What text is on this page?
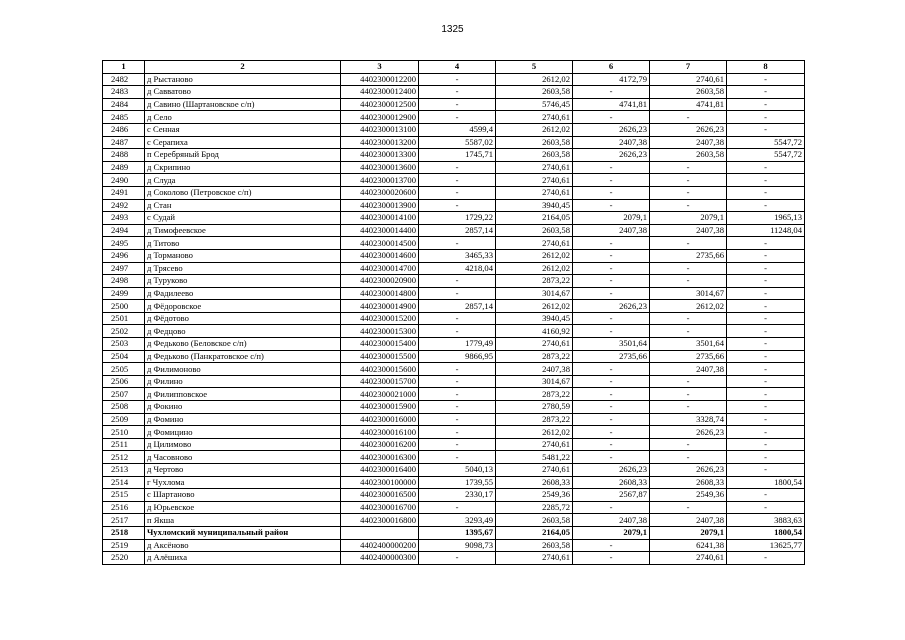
1325
1	2	3	4	5	6	7	8
2482	д Рыстаново	4402300012200	-	2612,02	4172,79	2740,61	-
2483	д Савватово	4402300012400	-	2603,58	-	2603,58	-
2484	д Савино (Шартановское с/п)	4402300012500	-	5746,45	4741,81	4741,81	-
2485	д Село	4402300012900	-	2740,61	-	-	-
2486	с Сенная	4402300013100	4599,4	2612,02	2626,23	2626,23	-
2487	с Серапиха	4402300013200	5587,02	2603,58	2407,38	2407,38	5547,72
2488	п Серебряный Брод	4402300013300	1745,71	2603,58	2626,23	2603,58	5547,72
2489	д Скрипино	4402300013600	-	2740,61	-	-	-
2490	д Слуда	4402300013700	-	2740,61	-	-	-
2491	д Соколово (Петровское с/п)	4402300020600	-	2740,61	-	-	-
2492	д Стан	4402300013900	-	3940,45	-	-	-
2493	с Судай	4402300014100	1729,22	2164,05	2079,1	2079,1	1965,13
2494	д Тимофеевское	4402300014400	2857,14	2603,58	2407,38	2407,38	11248,04
2495	д Титово	4402300014500	-	2740,61	-	-	-
2496	д Торманово	4402300014600	3465,33	2612,02	-	2735,66	-
2497	д Трясево	4402300014700	4218,04	2612,02	-	-	-
2498	д Туруково	4402300020900	-	2873,22	-	-	-
2499	д Фадилеево	4402300014800	-	3014,67	-	3014,67	-
2500	д Фёдоровское	4402300014900	2857,14	2612,02	2626,23	2612,02	-
2501	д Фёдотово	4402300015200	-	3940,45	-	-	-
2502	д Федцово	4402300015300	-	4160,92	-	-	-
2503	д Федьково (Беловское с/п)	4402300015400	1779,49	2740,61	3501,64	3501,64	-
2504	д Федьково (Панкратовское с/п)	4402300015500	9866,95	2873,22	2735,66	2735,66	-
2505	д Филимоново	4402300015600	-	2407,38	-	2407,38	-
2506	д Филино	4402300015700	-	3014,67	-	-	-
2507	д Филипповское	4402300021000	-	2873,22	-	-	-
2508	д Фокино	4402300015900	-	2780,59	-	-	-
2509	д Фомино	4402300016000	-	2873,22	-	3328,74	-
2510	д Фомицино	4402300016100	-	2612,02	-	2626,23	-
2511	д Цилимово	4402300016200	-	2740,61	-	-	-
2512	д Часовново	4402300016300	-	5481,22	-	-	-
2513	д Чертово	4402300016400	5040,13	2740,61	2626,23	2626,23	-
2514	г Чухлома	4402300100000	1739,55	2608,33	2608,33	2608,33	1800,54
2515	с Шартаново	4402300016500	2330,17	2549,36	2567,87	2549,36	-
2516	д Юрьевское	4402300016700	-	2285,72	-	-	-
2517	п Якша	4402300016800	3293,49	2603,58	2407,38	2407,38	3883,63
2518	Чухломский муниципальный район		1395,67	2164,05	2079,1	2079,1	1800,54
2519	д Аксёново	4402400000200	9098,73	2603,58	-	6241,38	13625,77
2520	д Алёшиха	4402400000300	-	2740,61	-	2740,61	-
